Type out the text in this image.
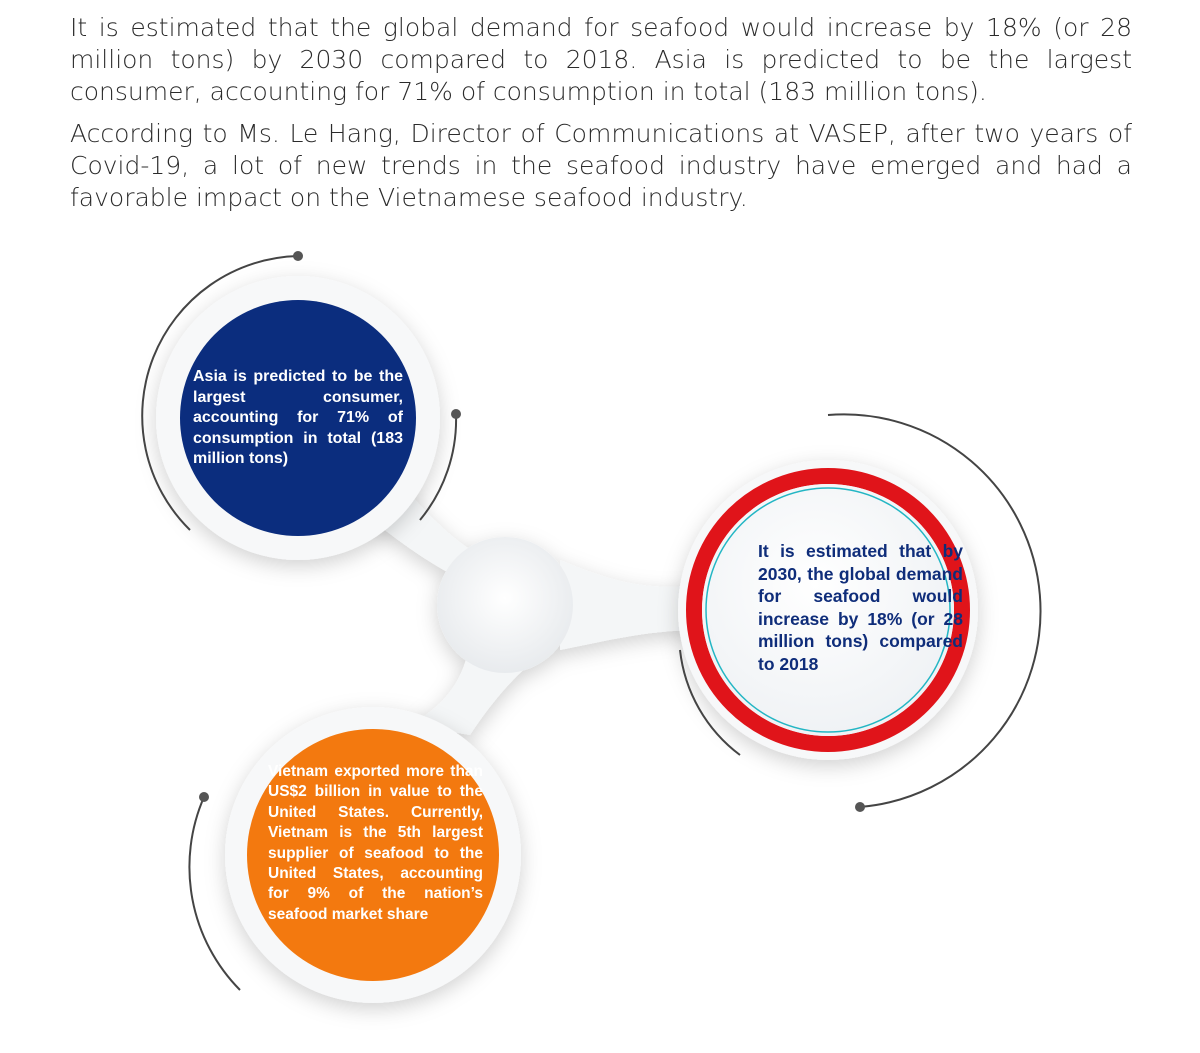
It is estimated that the global demand for seafood would increase by 18% (or 28 million tons) by 2030 compared to 2018. Asia is predicted to be the largest consumer, accounting for 71% of consumption in total (183 million tons).

According to Ms. Le Hang, Director of Communications at VASEP, after two years of Covid-19, a lot of new trends in the seafood industry have emerged and had a favorable impact on the Vietnamese seafood industry.

Asia is predicted to be the largest consumer, accounting for 71% of consumption in total (183 million tons)
It is estimated that by 2030, the global demand for seafood would increase by 18% (or 28 million tons) compared to 2018
Vietnam exported more than US$2 billion in value to the United States. Currently, Vietnam is the 5th largest supplier of seafood to the United States, accounting for 9% of the nation’s seafood market share
